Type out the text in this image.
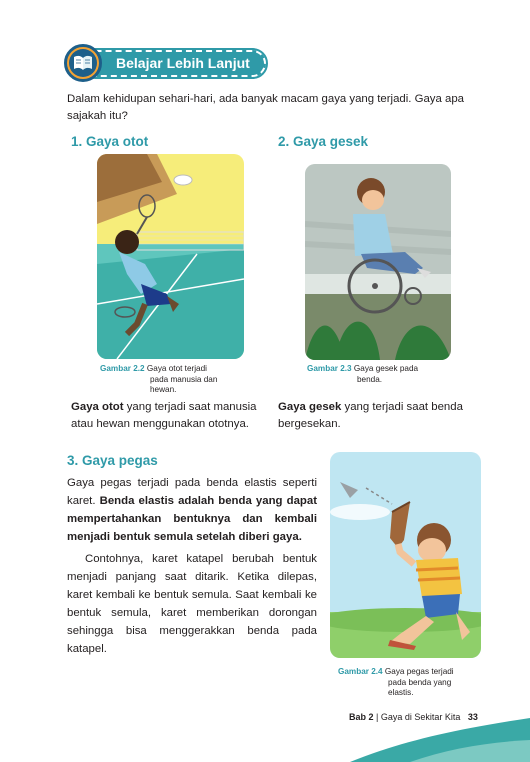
Belajar Lebih Lanjut

Dalam kehidupan sehari-hari, ada banyak macam gaya yang terjadi. Gaya apa sajakah itu?

1. Gaya otot
Gambar 2.2 Gaya otot terjadi
pada manusia dan
hewan.

Gaya otot yang terjadi saat manusia atau hewan menggunakan ototnya.

2. Gaya gesek
Gambar 2.3 Gaya gesek pada
benda.

Gaya gesek yang terjadi saat benda bergesekan.

3. Gaya pegas

Gaya pegas terjadi pada benda elastis seperti karet. Benda elastis adalah benda yang dapat mempertahankan bentuknya dan kembali menjadi bentuk semula setelah diberi gaya.

Contohnya, karet katapel berubah bentuk menjadi panjang saat ditarik. Ketika dilepas, karet kembali ke bentuk semula. Saat kembali ke bentuk semula, karet memberikan dorongan sehingga bisa menggerakkan benda pada katapel.

Gambar 2.4 Gaya pegas terjadi
pada benda yang
elastis.
Bab 2 | Gaya di Sekitar Kita 33
